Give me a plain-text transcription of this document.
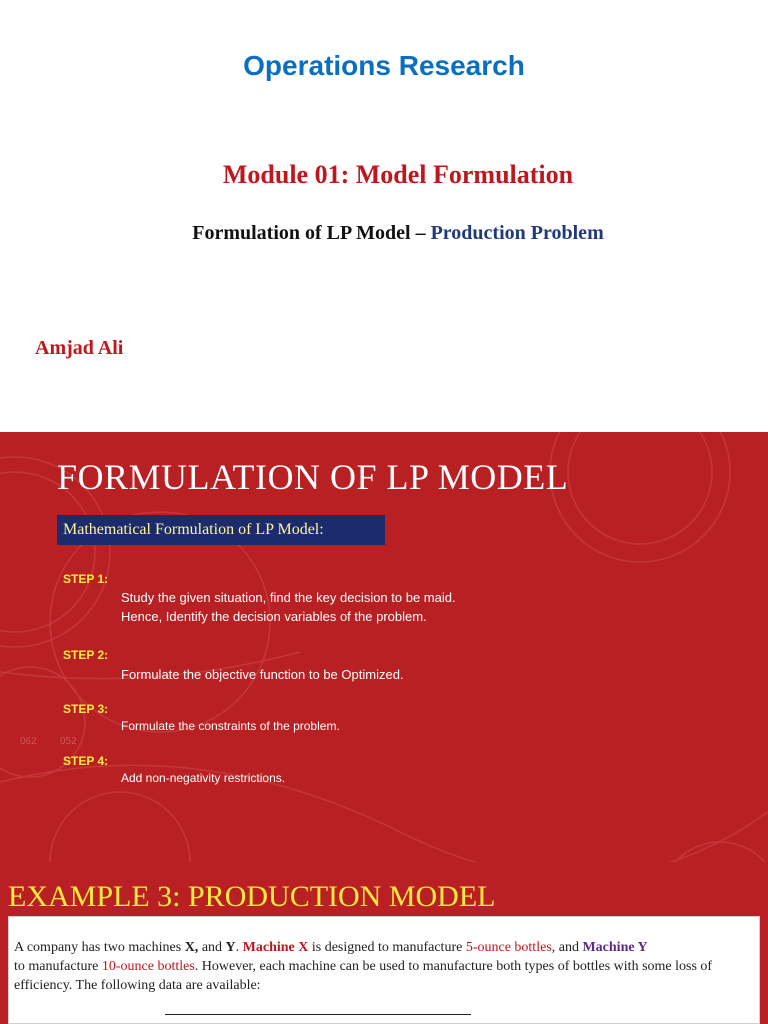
Operations Research
Module 01: Model Formulation
Formulation of LP Model – Production Problem
Amjad Ali
062 052
FORMULATION OF LP MODEL
Mathematical Formulation of LP Model:
STEP 1:
Study the given situation, find the key decision to be maid.
Hence, Identify the decision variables of the problem.
STEP 2:
Formulate the objective function to be Optimized.
STEP 3:
Formulate the constraints of the problem.
STEP 4:
Add non-negativity restrictions.
EXAMPLE 3: PRODUCTION MODEL
A company has two machines X, and Y. Machine X is designed to manufacture 5-ounce bottles, and Machine Y
to manufacture 10-ounce bottles. However, each machine can be used to manufacture both types of bottles with some loss of efficiency. The following data are available:
